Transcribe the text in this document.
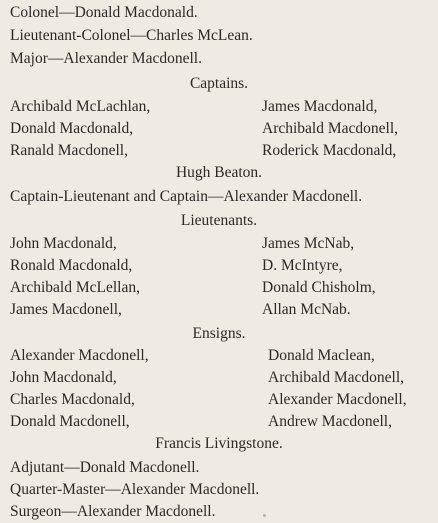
Colonel—Donald Macdonald.
Lieutenant-Colonel—Charles McLean.
Major—Alexander Macdonell.
Captains.
Archibald McLachlan,	James Macdonald,
Donald Macdonald,	Archibald Macdonell,
Ranald Macdonell,	Roderick Macdonald,
Hugh Beaton.
Captain-Lieutenant and Captain—Alexander Macdonell.
Lieutenants.
John Macdonald,	James McNab,
Ronald Macdonald,	D. McIntyre,
Archibald McLellan,	Donald Chisholm,
James Macdonell,	Allan McNab.
Ensigns.
Alexander Macdonell,	Donald Maclean,
John Macdonald,	Archibald Macdonell,
Charles Macdonald,	Alexander Macdonell,
Donald Macdonell,	Andrew Macdonell,
Francis Livingstone.
Adjutant—Donald Macdonell.
Quarter-Master—Alexander Macdonell.
Surgeon—Alexander Macdonell.
